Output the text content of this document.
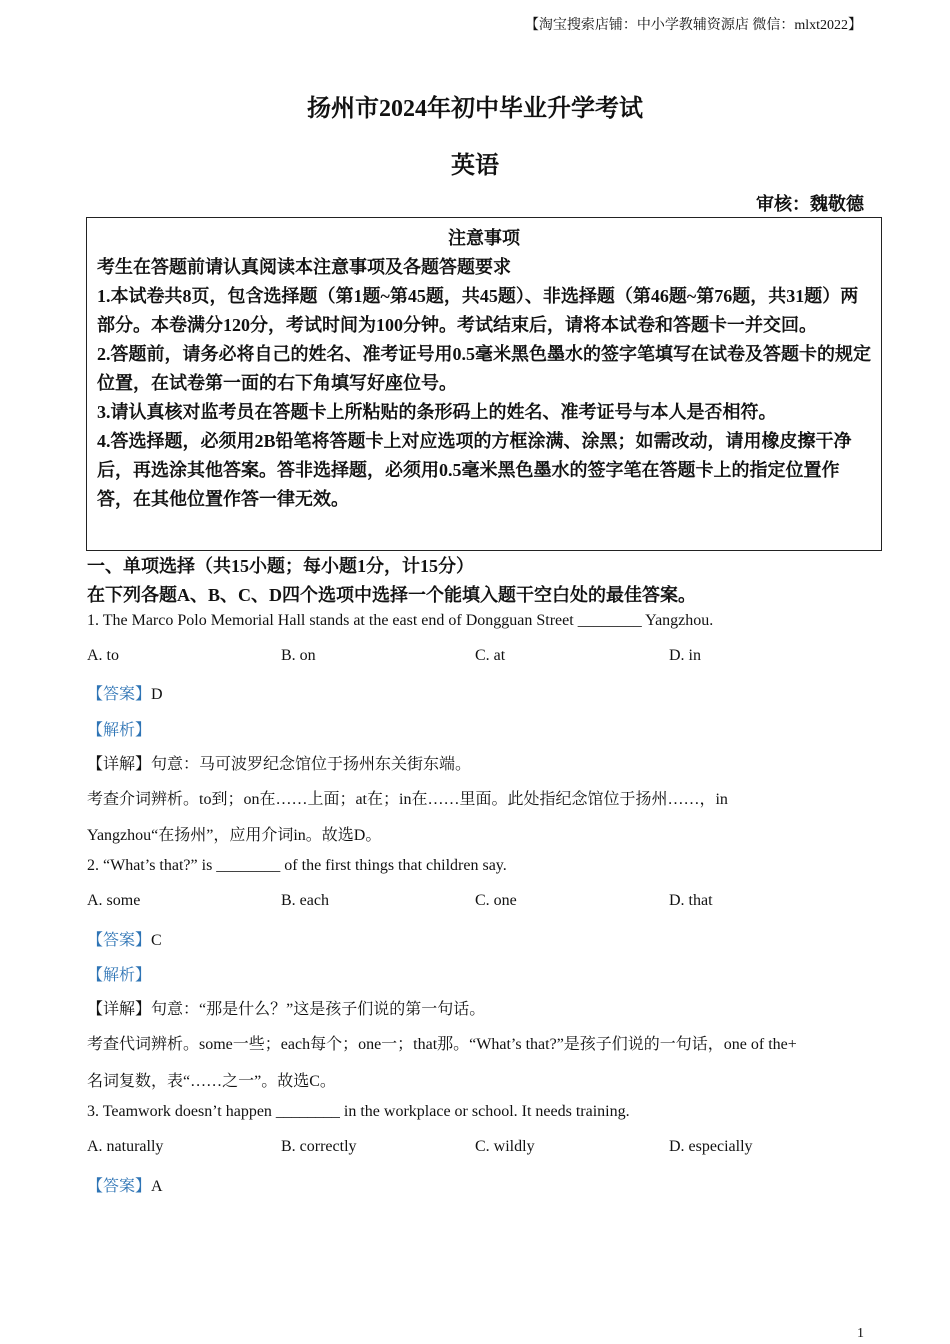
【淘宝搜索店铺：中小学教辅资源店 微信：mlxt2022】
扬州市2024年初中毕业升学考试
英语
审核：魏敬德
注意事项
考生在答题前请认真阅读本注意事项及各题答题要求
1.本试卷共8页，包含选择题（第1题~第45题，共45题）、非选择题（第46题~第76题，共31题）两部分。本卷满分120分，考试时间为100分钟。考试结束后，请将本试卷和答题卡一并交回。
2.答题前，请务必将自己的姓名、准考证号用0.5毫米黑色墨水的签字笔填写在试卷及答题卡的规定位置，在试卷第一面的右下角填写好座位号。
3.请认真核对监考员在答题卡上所粘贴的条形码上的姓名、准考证号与本人是否相符。
4.答选择题，必须用2B铅笔将答题卡上对应选项的方框涂满、涂黑；如需改动，请用橡皮擦干净后，再选涂其他答案。答非选择题，必须用0.5毫米黑色墨水的签字笔在答题卡上的指定位置作答，在其他位置作答一律无效。
一、单项选择（共15小题；每小题1分，计15分）
在下列各题A、B、C、D四个选项中选择一个能填入题干空白处的最佳答案。
1. The Marco Polo Memorial Hall stands at the east end of Dongguan Street ________ Yangzhou.
A. to	B. on	C. at	D. in
【答案】D
【解析】
【详解】句意：马可波罗纪念馆位于扬州东关街东端。
考查介词辨析。to到；on在……上面；at在；in在……里面。此处指纪念馆位于扬州……，in
Yangzhou“在扬州”，应用介词in。故选D。
2. “What’s that?” is ________ of the first things that children say.
A. some	B. each	C. one	D. that
【答案】C
【解析】
【详解】句意：“那是什么？”这是孩子们说的第一句话。
考查代词辨析。some一些；each每个；one一；that那。“What’s that?”是孩子们说的一句话，one of the+
名词复数，表“……之一”。故选C。
3. Teamwork doesn’t happen ________ in the workplace or school. It needs training.
A. naturally	B. correctly	C. wildly	D. especially
【答案】A
1
